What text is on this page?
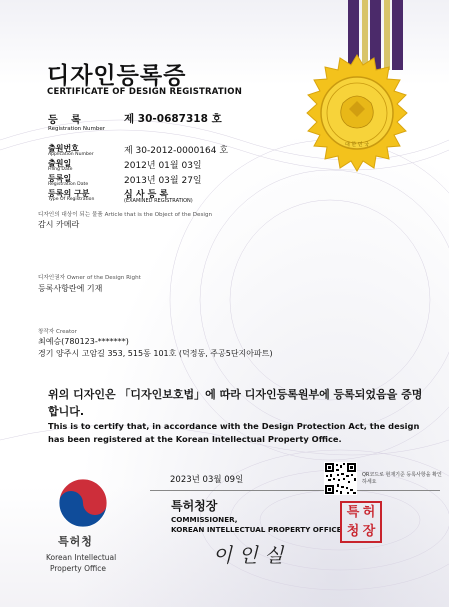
대 한 민 국
디자인등록증
CERTIFICATE OF DESIGN REGISTRATION
등 록
Registration Number
제 30-0687318 호
출원번호
Application Number	제 30-2012-0000164 호
출원일
Filing Date	2012년 01월 03일
등록일
Registration Date	2013년 03월 27일
등록의 구분
Type Of Registration	심 사 등 록
(EXAMINED REGISTRATION)
디자인의 대상이 되는 물품 Article that is the Object of the Design
감시 카메라
디자인권자 Owner of the Design Right
등록사항란에 기재
창작자 Creator
최예승(780123-*******)
경기 양주시 고암길 353, 515동 101호 (덕정동, 주공5단지아파트)
위의 디자인은 「디자인보호법」에 따라 디자인등록원부에 등록되었음을 증명합니다.
This is to certify that, in accordance with the Design Protection Act, the design has been registered at the Korean Intellectual Property Office.
2023년 03월 09일
특허청장
COMMISSIONER,
KOREAN INTELLECTUAL PROPERTY OFFICE
이 인 실
QR코드로 현재기준 등록사항을 확인하세요
특 허
청 장
특허청
Korean Intellectual
Property Office
